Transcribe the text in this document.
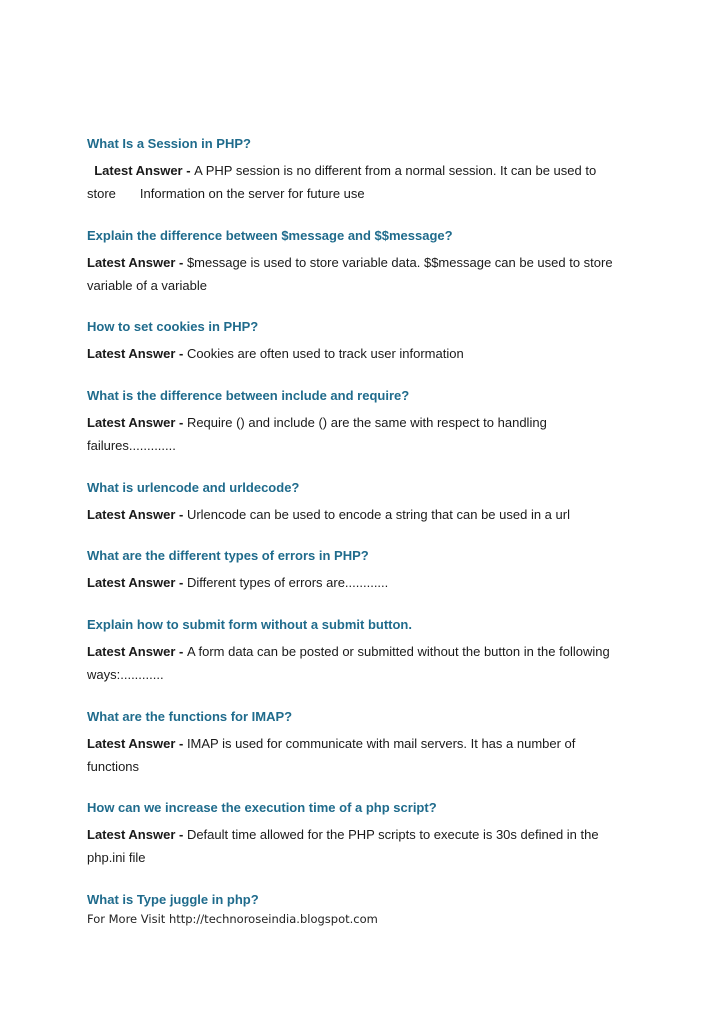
What Is a Session in PHP?

Latest Answer - A PHP session is no different from a normal session. It can be used to
store Information on the server for future use

Explain the difference between $message and $$message?

Latest Answer - $message is used to store variable data. $$message can be used to store variable of a variable

How to set cookies in PHP?

Latest Answer - Cookies are often used to track user information

What is the difference between include and require?

Latest Answer - Require () and include () are the same with respect to handling failures.............

What is urlencode and urldecode?

Latest Answer - Urlencode can be used to encode a string that can be used in a url

What are the different types of errors in PHP?

Latest Answer - Different types of errors are............

Explain how to submit form without a submit button.

Latest Answer - A form data can be posted or submitted without the button in the following ways:............

What are the functions for IMAP?

Latest Answer - IMAP is used for communicate with mail servers. It has a number of functions

How can we increase the execution time of a php script?

Latest Answer - Default time allowed for the PHP scripts to execute is 30s defined in the php.ini file

What is Type juggle in php?

For More Visit http://technoroseindia.blogspot.com
